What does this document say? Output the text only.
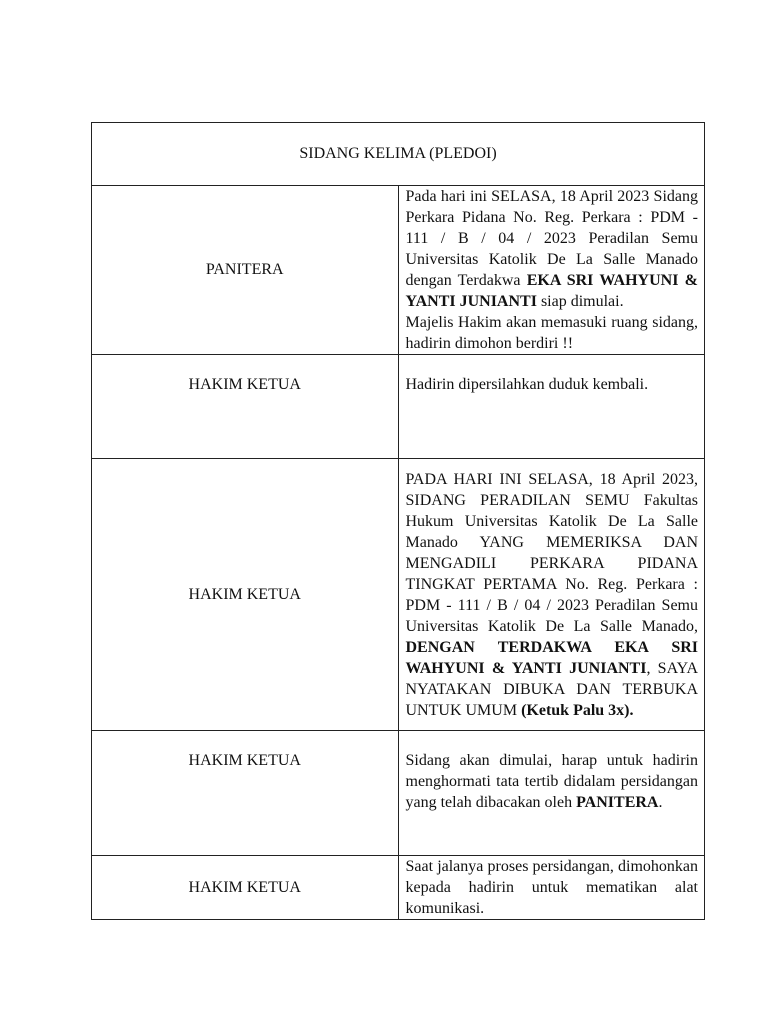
SIDANG KELIMA (PLEDOI)	
PANITERA	Pada hari ini SELASA, 18 April 2023 Sidang Perkara Pidana No. Reg. Perkara : PDM - 111 / B / 04 / 2023 Peradilan Semu Universitas Katolik De La Salle Manado dengan Terdakwa EKA SRI WAHYUNI & YANTI JUNIANTI siap dimulai.

Majelis Hakim akan memasuki ruang sidang, hadirin dimohon berdiri !!

HAKIM KETUA	Hadirin dipersilahkan duduk kembali.
HAKIM KETUA	PADA HARI INI SELASA, 18 April 2023, SIDANG PERADILAN SEMU Fakultas Hukum Universitas Katolik De La Salle Manado YANG MEMERIKSA DAN MENGADILI PERKARA PIDANA TINGKAT PERTAMA No. Reg. Perkara : PDM - 111 / B / 04 / 2023 Peradilan Semu Universitas Katolik De La Salle Manado, DENGAN TERDAKWA EKA SRI WAHYUNI & YANTI JUNIANTI, SAYA NYATAKAN DIBUKA DAN TERBUKA UNTUK UMUM (Ketuk Palu 3x).

HAKIM KETUA	Sidang akan dimulai, harap untuk hadirin menghormati tata tertib didalam persidangan yang telah dibacakan oleh PANITERA.
HAKIM KETUA	Saat jalanya proses persidangan, dimohonkan kepada hadirin untuk mematikan alat komunikasi.
